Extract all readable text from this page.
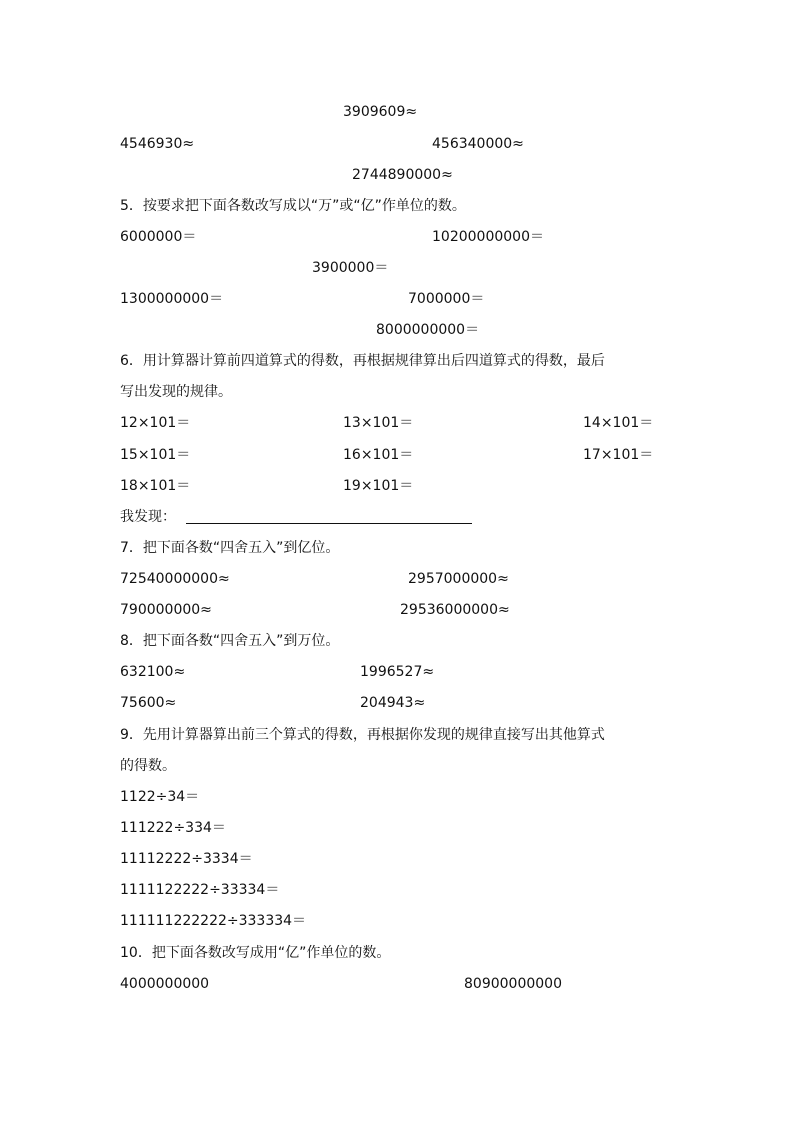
3909609≈
4546930≈	456340000≈
2744890000≈
5．按要求把下面各数改写成以“万”或“亿”作单位的数。
6000000＝	10200000000＝
3900000＝
1300000000＝	7000000＝
8000000000＝
6．用计算器计算前四道算式的得数，再根据规律算出后四道算式的得数，最后
写出发现的规律。
12×101＝	13×101＝	14×101＝
15×101＝	16×101＝	17×101＝
18×101＝	19×101＝
我发现：
7．把下面各数“四舍五入”到亿位。
72540000000≈	2957000000≈
790000000≈	29536000000≈
8．把下面各数“四舍五入”到万位。
632100≈	1996527≈
75600≈	204943≈
9．先用计算器算出前三个算式的得数，再根据你发现的规律直接写出其他算式
的得数。
1122÷34＝
111222÷334＝
11112222÷3334＝
1111122222÷33334＝
111111222222÷333334＝
10．把下面各数改写成用“亿”作单位的数。
4000000000	80900000000
